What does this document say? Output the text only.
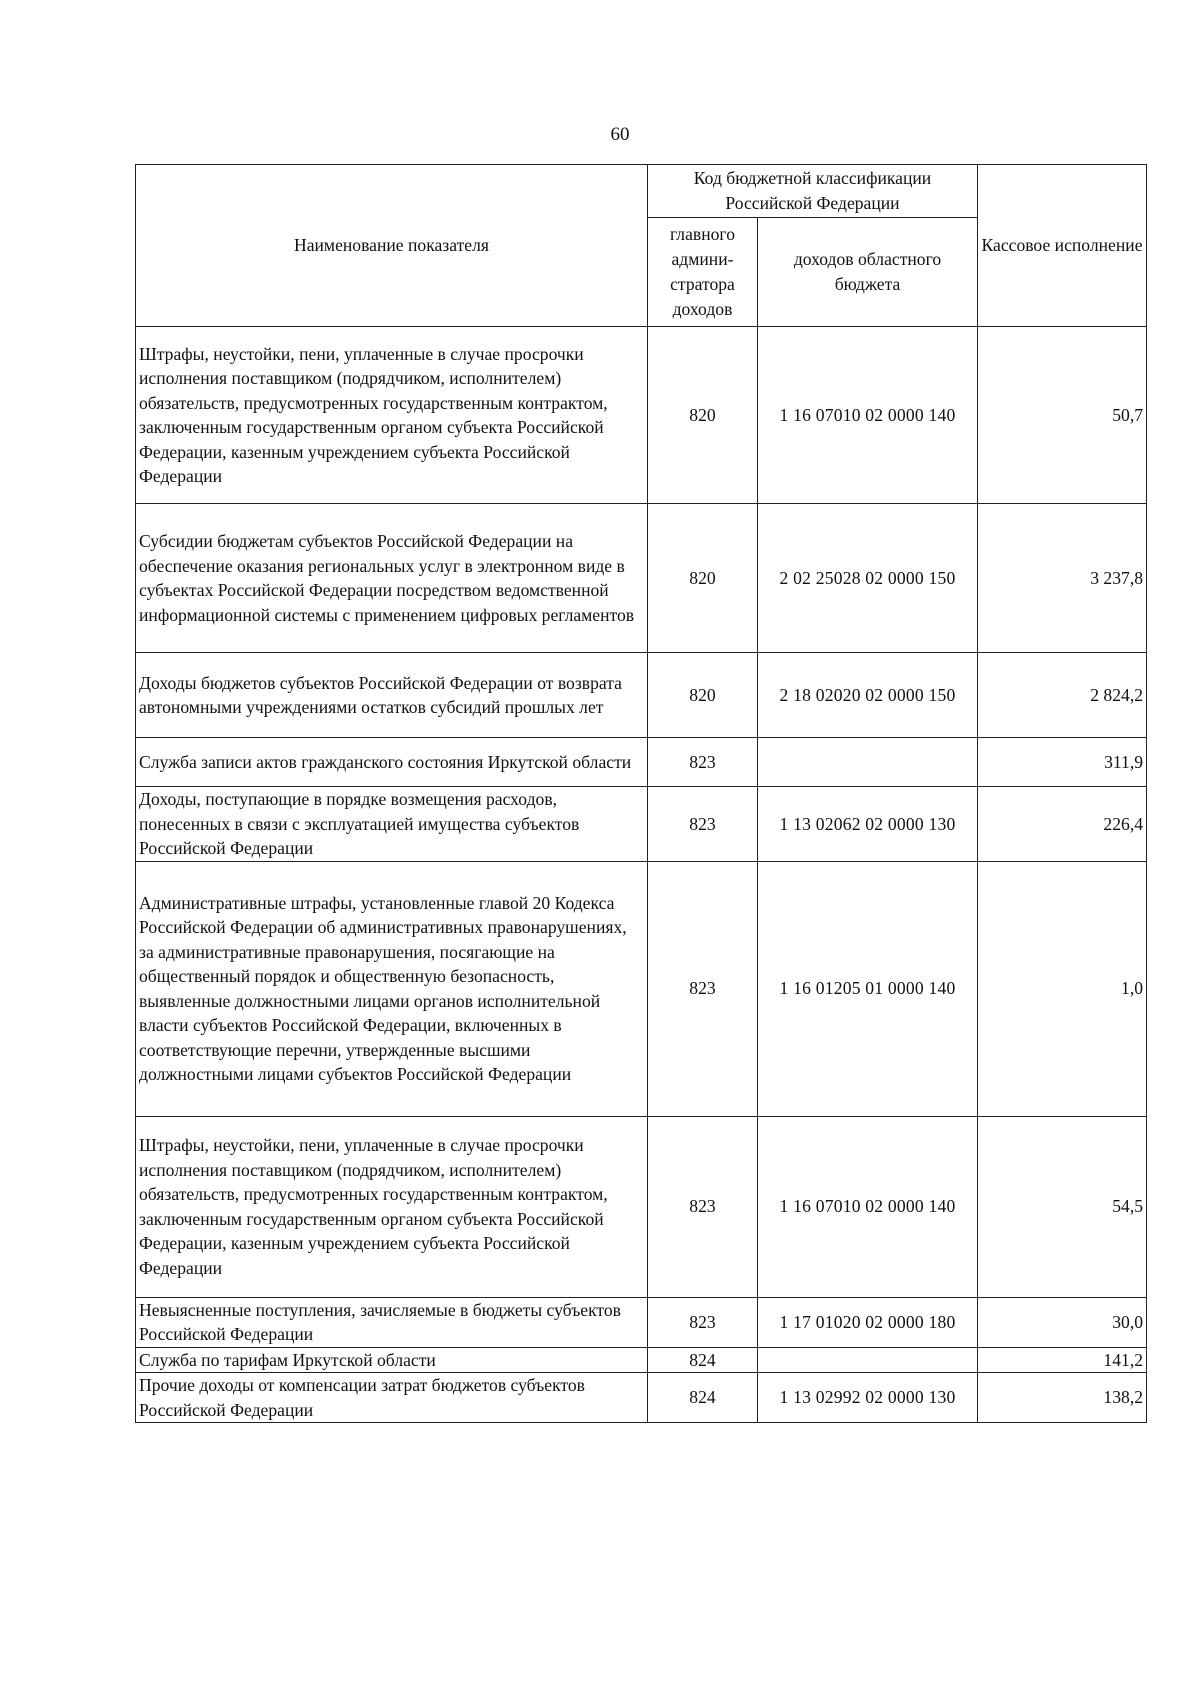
60
Наименование показателя	Код бюджетной классификации Российской Федерации		Кассовое исполнение
	главного админи-стратора доходов	доходов областного бюджета	
Штрафы, неустойки, пени, уплаченные в случае просрочки исполнения поставщиком (подрядчиком, исполнителем) обязательств, предусмотренных государственным контрактом, заключенным государственным органом субъекта Российской Федерации, казенным учреждением субъекта Российской Федерации	820	1 16 07010 02 0000 140	50,7
Субсидии бюджетам субъектов Российской Федерации на обеспечение оказания региональных услуг в электронном виде в субъектах Российской Федерации посредством ведомственной информационной системы с применением цифровых регламентов	820	2 02 25028 02 0000 150	3 237,8
Доходы бюджетов субъектов Российской Федерации от возврата автономными учреждениями остатков субсидий прошлых лет	820	2 18 02020 02 0000 150	2 824,2
Служба записи актов гражданского состояния Иркутской области	823		311,9
Доходы, поступающие в порядке возмещения расходов, понесенных в связи с эксплуатацией имущества субъектов Российской Федерации	823	1 13 02062 02 0000 130	226,4
Административные штрафы, установленные главой 20 Кодекса Российской Федерации об административных правонарушениях, за административные правонарушения, посягающие на общественный порядок и общественную безопасность, выявленные должностными лицами органов исполнительной власти субъектов Российской Федерации, включенных в соответствующие перечни, утвержденные высшими должностными лицами субъектов Российской Федерации	823	1 16 01205 01 0000 140	1,0
Штрафы, неустойки, пени, уплаченные в случае просрочки исполнения поставщиком (подрядчиком, исполнителем) обязательств, предусмотренных государственным контрактом, заключенным государственным органом субъекта Российской Федерации, казенным учреждением субъекта Российской Федерации	823	1 16 07010 02 0000 140	54,5
Невыясненные поступления, зачисляемые в бюджеты субъектов Российской Федерации	823	1 17 01020 02 0000 180	30,0
Служба по тарифам Иркутской области	824		141,2
Прочие доходы от компенсации затрат бюджетов субъектов Российской Федерации	824	1 13 02992 02 0000 130	138,2
